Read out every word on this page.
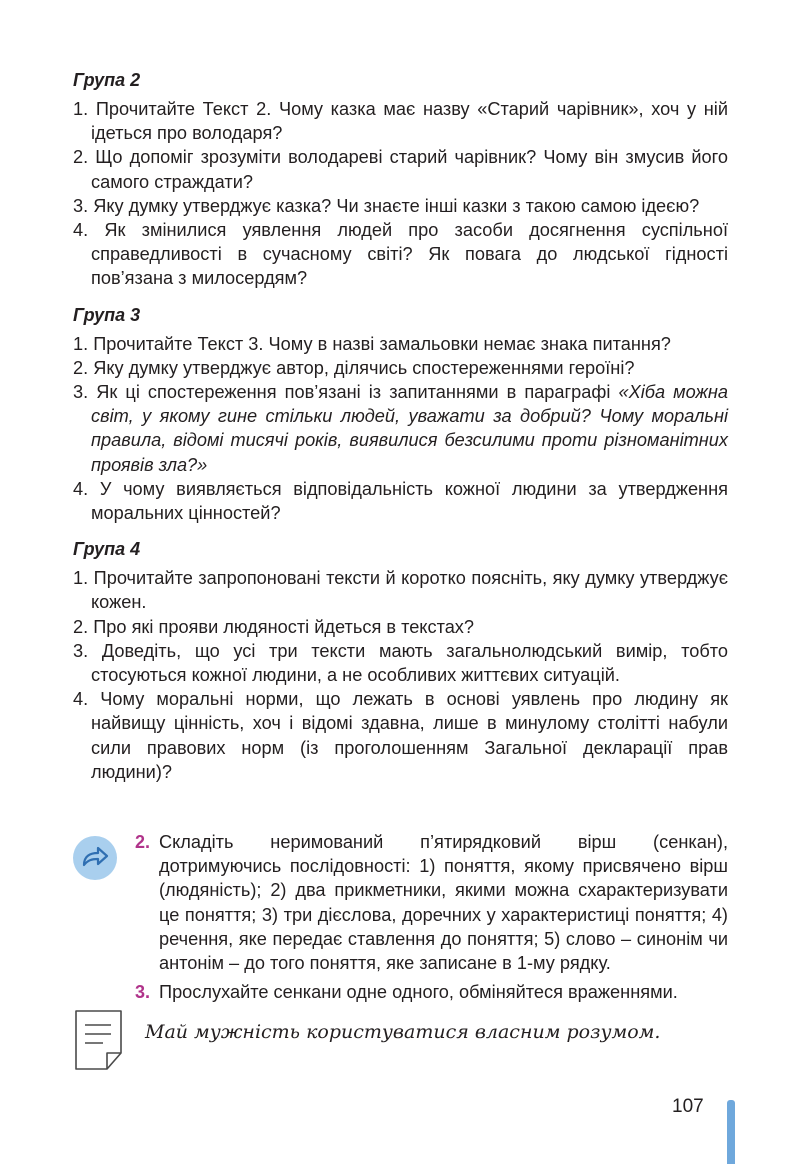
Група 2
1. Прочитайте Текст 2. Чому казка має назву «Старий чарівник», хоч у ній ідеться про володаря?
2. Що допоміг зрозуміти володареві старий чарівник? Чому він змусив його самого страждати?
3. Яку думку утверджує казка? Чи знаєте інші казки з такою самою ідеєю?
4. Як змінилися уявлення людей про засоби досягнення суспільної справедливості в сучасному світі? Як повага до людської гідності пов’язана з милосердям?
Група 3
1. Прочитайте Текст 3. Чому в назві замальовки немає знака питання?
2. Яку думку утверджує автор, ділячись спостереженнями героїні?
3. Як ці спостереження пов’язані із запитаннями в параграфі «Хіба можна світ, у якому гине стільки людей, уважати за добрий? Чому моральні правила, відомі тисячі років, виявилися безсилими проти різноманітних проявів зла?»
4. У чому виявляється відповідальність кожної людини за утвердження моральних цінностей?
Група 4
1. Прочитайте запропоновані тексти й коротко поясніть, яку думку утверджує кожен.
2. Про які прояви людяності йдеться в текстах?
3. Доведіть, що усі три тексти мають загальнолюдський вимір, тобто стосуються кожної людини, а не особливих життєвих ситуацій.
4. Чому моральні норми, що лежать в основі уявлень про людину як найвищу цінність, хоч і відомі здавна, лише в минулому столітті набули сили правових норм (із проголошенням Загальної декларації прав людини)?
2. Складіть неримований п’ятирядковий вірш (сенкан), дотримуючись послідовності: 1) поняття, якому присвячено вірш (людяність); 2) два прикметники, якими можна схарактеризувати це поняття; 3) три дієслова, доречних у характеристиці поняття; 4) речення, яке передає ставлення до поняття; 5) слово – синонім чи антонім – до того поняття, яке записане в 1-му рядку.
3. Прослухайте сенкани одне одного, обміняйтеся враженнями.
Май мужність користуватися власним розумом.
107
